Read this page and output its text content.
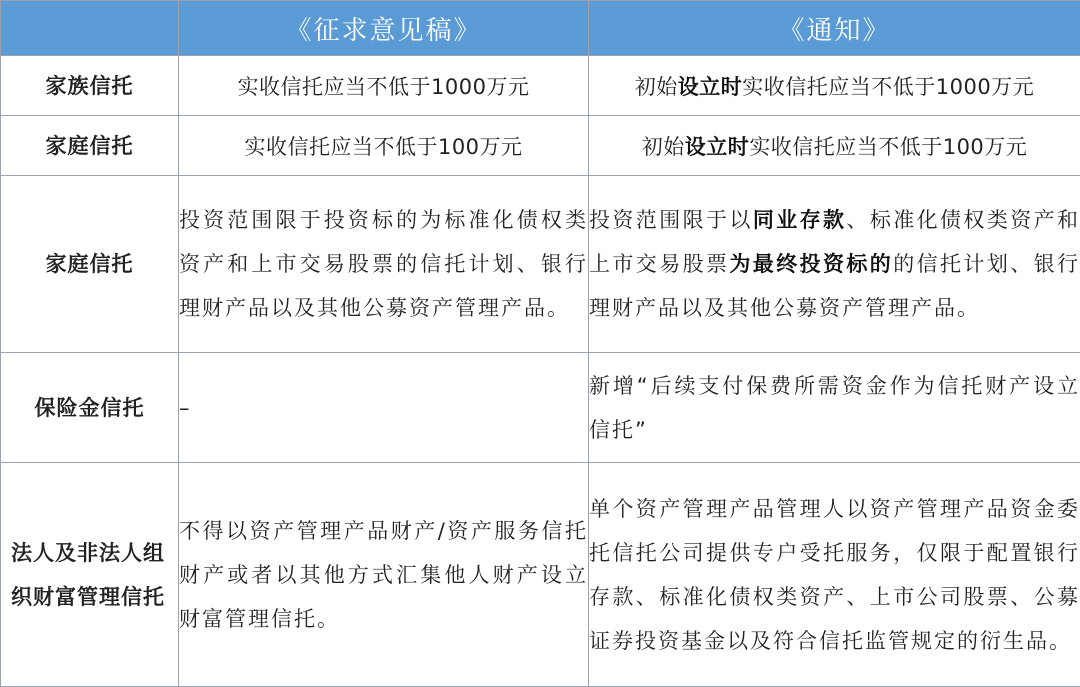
	《征求意见稿》	《通知》
家族信托	实收信托应当不低于1000万元	初始设立时实收信托应当不低于1000万元
家庭信托	实收信托应当不低于100万元	初始设立时实收信托应当不低于100万元
家庭信托	投资范围限于投资标的为标准化债权类资产和上市交易股票的信托计划、银行理财产品以及其他公募资产管理产品。	投资范围限于以同业存款、标准化债权类资产和上市交易股票为最终投资标的的信托计划、银行理财产品以及其他公募资产管理产品。
保险金信托	–	新增“后续支付保费所需资金作为信托财产设立信托”
法人及非法人组织财富管理信托	不得以资产管理产品财产/资产服务信托财产或者以其他方式汇集他人财产设立财富管理信托。	单个资产管理产品管理人以资产管理产品资金委托信托公司提供专户受托服务，仅限于配置银行存款、标准化债权类资产、上市公司股票、公募证券投资基金以及符合信托监管规定的衍生品。
